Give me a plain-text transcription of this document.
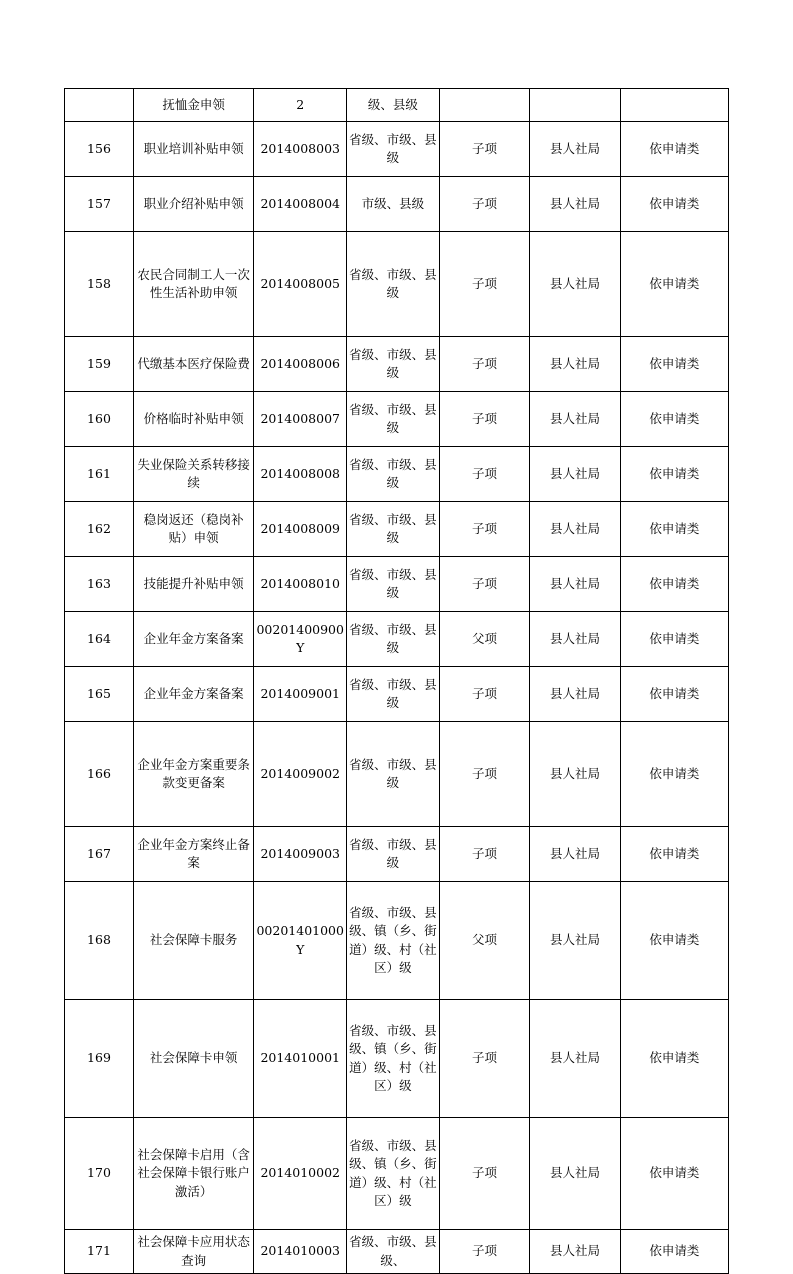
	抚恤金申领	2	级、县级			
156	职业培训补贴申领	2014008003	省级、市级、县级	子项	县人社局	依申请类
157	职业介绍补贴申领	2014008004	市级、县级	子项	县人社局	依申请类
158	农民合同制工人一次性生活补助申领	2014008005	省级、市级、县级	子项	县人社局	依申请类
159	代缴基本医疗保险费	2014008006	省级、市级、县级	子项	县人社局	依申请类
160	价格临时补贴申领	2014008007	省级、市级、县级	子项	县人社局	依申请类
161	失业保险关系转移接续	2014008008	省级、市级、县级	子项	县人社局	依申请类
162	稳岗返还（稳岗补贴）申领	2014008009	省级、市级、县级	子项	县人社局	依申请类
163	技能提升补贴申领	2014008010	省级、市级、县级	子项	县人社局	依申请类
164	企业年金方案备案	00201400900Y	省级、市级、县级	父项	县人社局	依申请类
165	企业年金方案备案	2014009001	省级、市级、县级	子项	县人社局	依申请类
166	企业年金方案重要条款变更备案	2014009002	省级、市级、县级	子项	县人社局	依申请类
167	企业年金方案终止备案	2014009003	省级、市级、县级	子项	县人社局	依申请类
168	社会保障卡服务	00201401000Y	省级、市级、县级、镇（乡、街道）级、村（社区）级	父项	县人社局	依申请类
169	社会保障卡申领	2014010001	省级、市级、县级、镇（乡、街道）级、村（社区）级	子项	县人社局	依申请类
170	社会保障卡启用（含社会保障卡银行账户激活）	2014010002	省级、市级、县级、镇（乡、街道）级、村（社区）级	子项	县人社局	依申请类
171	社会保障卡应用状态查询	2014010003	省级、市级、县级、	子项	县人社局	依申请类
